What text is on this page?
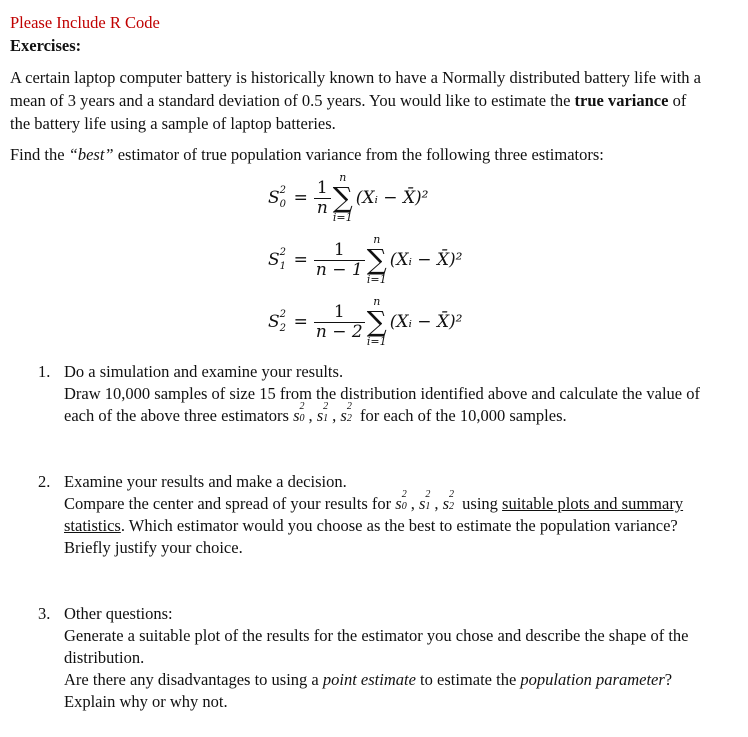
Please Include R Code
Exercises:
A certain laptop computer battery is historically known to have a Normally distributed battery life with a mean of 3 years and a standard deviation of 0.5 years. You would like to estimate the true variance of the battery life using a sample of laptop batteries.
Find the “best” estimator of true population variance from the following three estimators:
S 2
$0 = \frac{1}{n}$
n
∑
i=1
(Xᵢ − X̄)²
S 2
$1 = \frac{1}{n - 1}$
n
∑
i=1
(Xᵢ − X̄)²
S 2
$2 = \frac{1}{n - 2}$
n
∑
i=1
(Xᵢ − X̄)²
1. Do a simulation and examine your results.
Draw 10,000 samples of size 15 from the distribution identified above and calculate the value of each of the above three estimators s 2
0 , s 2
1 , s 2
2 for each of the 10,000 samples.
2. Examine your results and make a decision.
Compare the center and spread of your results for s 2
0 , s 2
1 , s 2
2 using suitable plots and summary statistics. Which estimator would you choose as the best to estimate the population variance? Briefly justify your choice.
3. Other questions:
Generate a suitable plot of the results for the estimator you chose and describe the shape of the distribution.
Are there any disadvantages to using a point estimate to estimate the population parameter? Explain why or why not.
